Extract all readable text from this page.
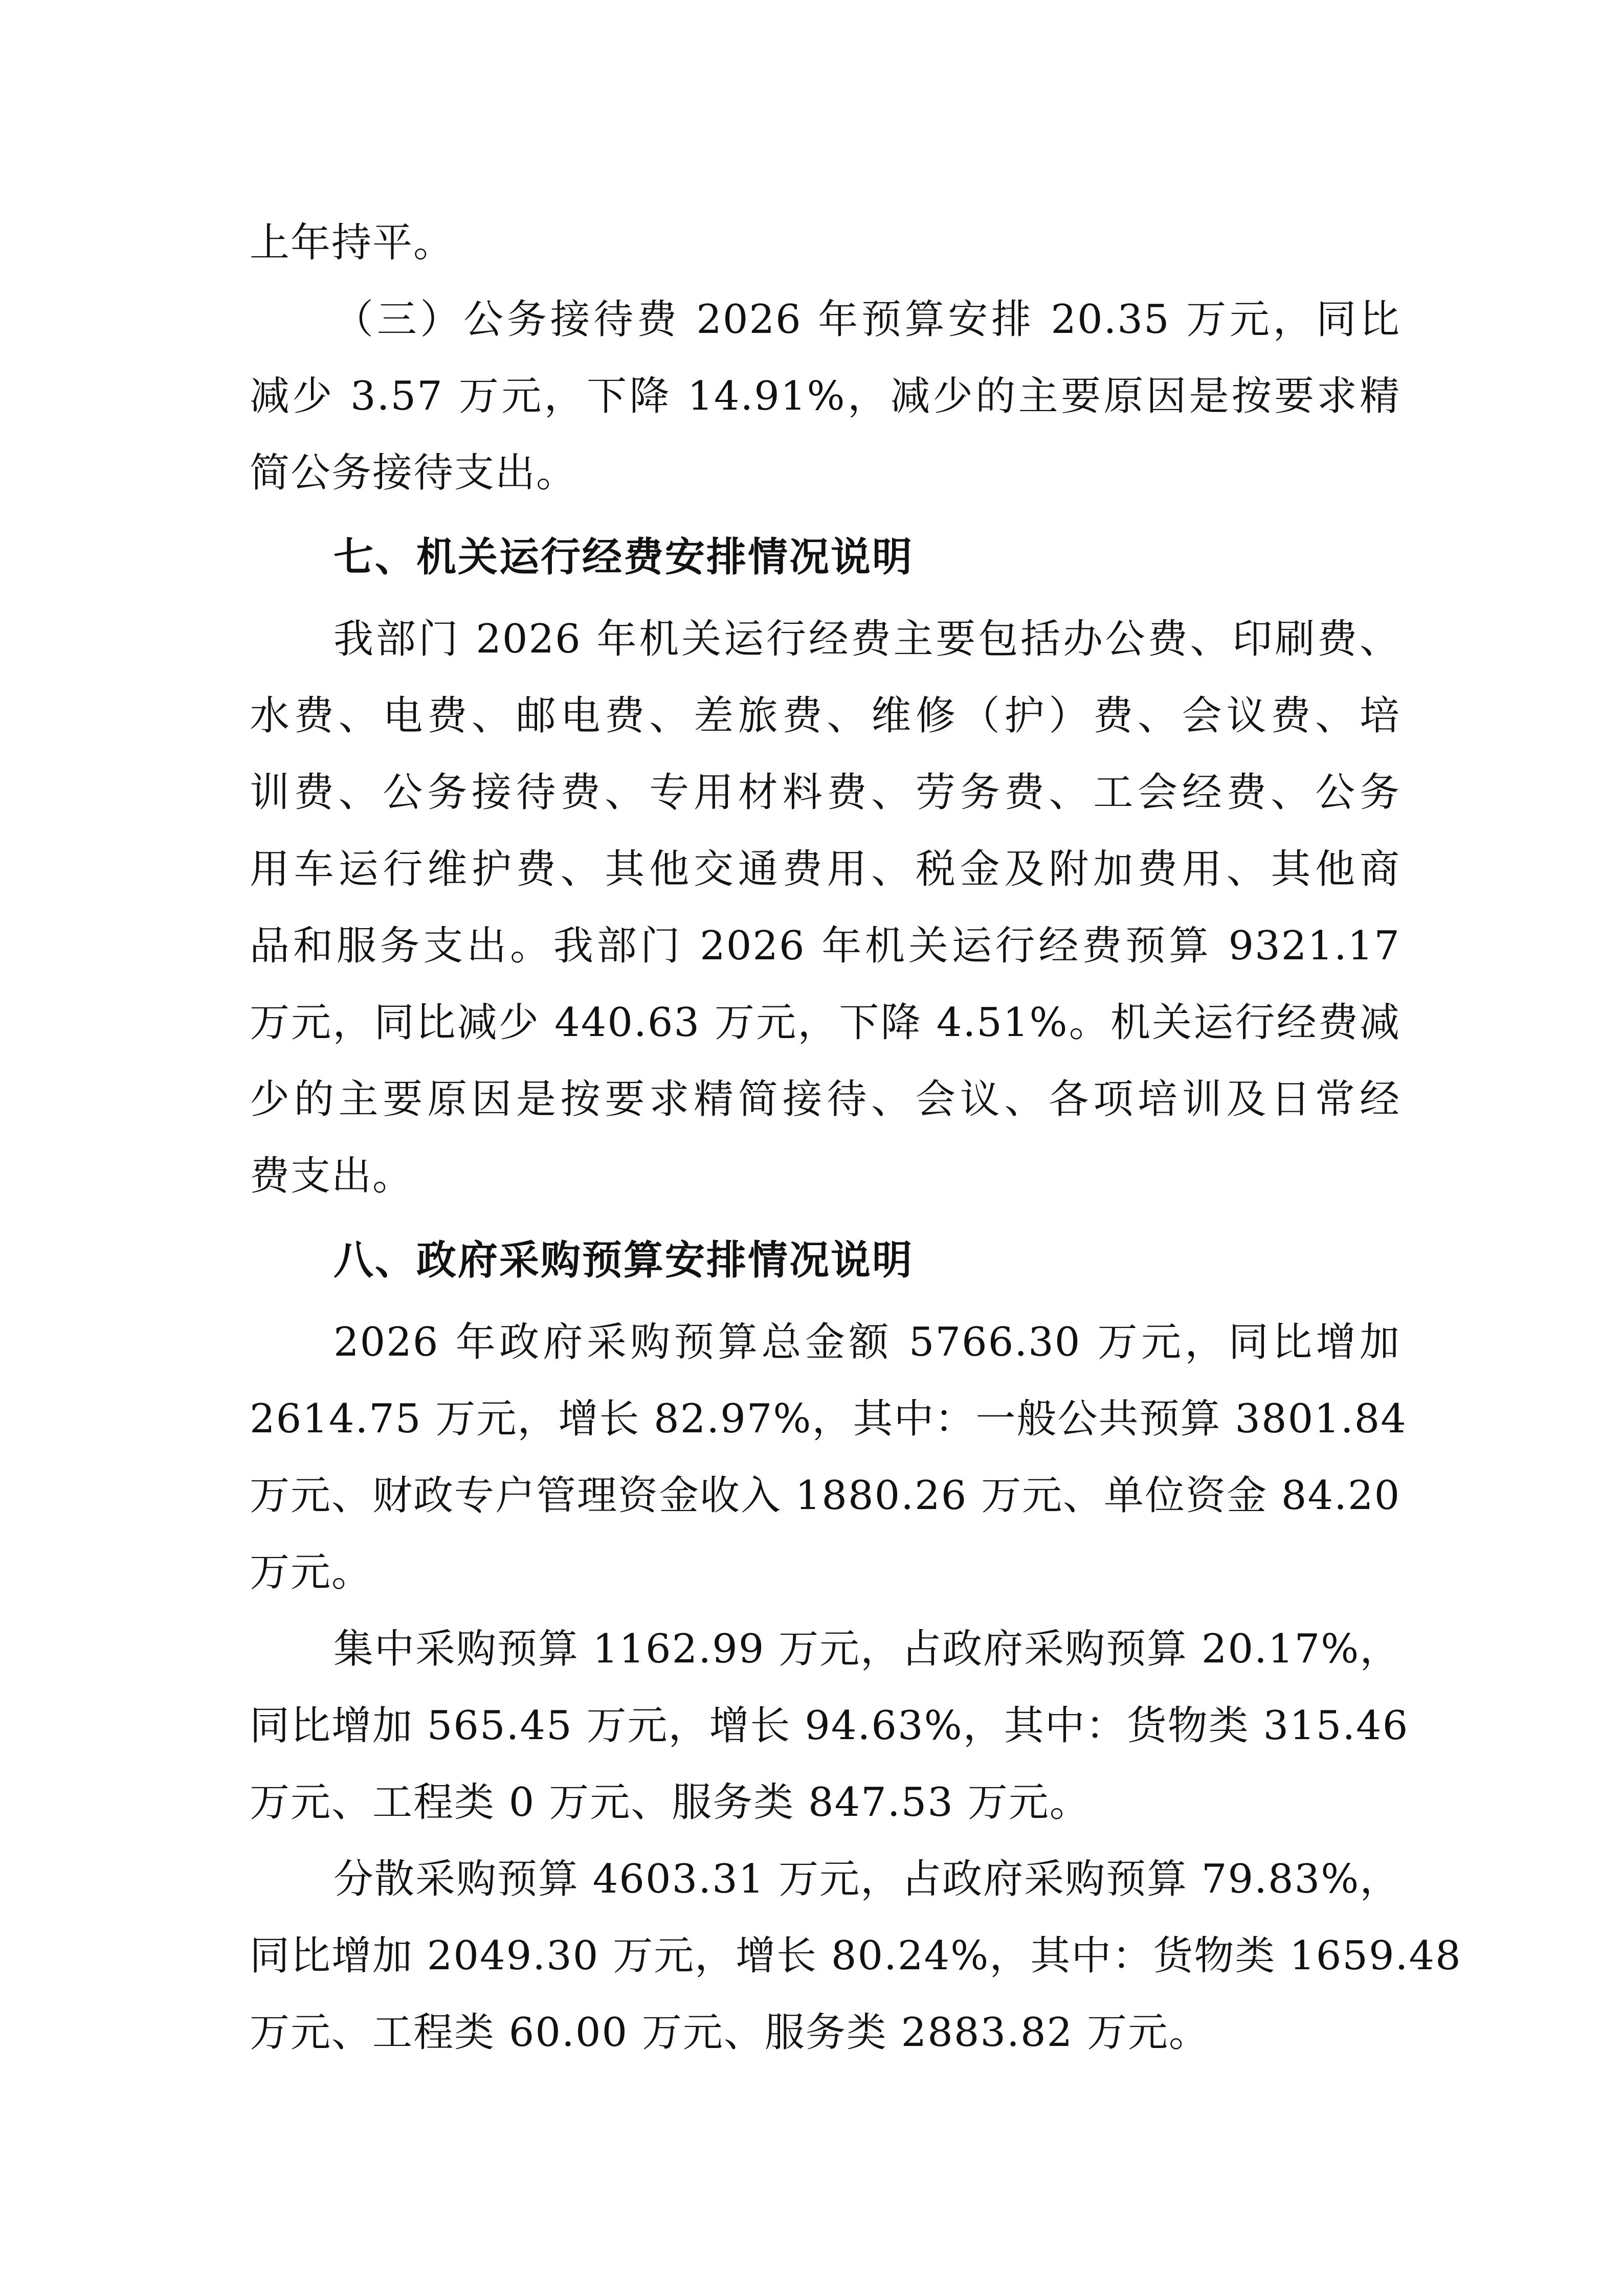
上年持平。
（三）公务接待费 2026 年预算安排 20.35 万元，同比
减少 3.57 万元，下降 14.91%，减少的主要原因是按要求精
简公务接待支出。
七、机关运行经费安排情况说明
我部门 2026 年机关运行经费主要包括办公费、印刷费、
水费、电费、邮电费、差旅费、维修（护）费、会议费、培
训费、公务接待费、专用材料费、劳务费、工会经费、公务
用车运行维护费、其他交通费用、税金及附加费用、其他商
品和服务支出。我部门 2026 年机关运行经费预算 9321.17
万元，同比减少 440.63 万元，下降 4.51%。机关运行经费减
少的主要原因是按要求精简接待、会议、各项培训及日常经
费支出。
八、政府采购预算安排情况说明
2026 年政府采购预算总金额 5766.30 万元，同比增加
2614.75 万元，增长 82.97%，其中：一般公共预算 3801.84
万元、财政专户管理资金收入 1880.26 万元、单位资金 84.20
万元。
集中采购预算 1162.99 万元，占政府采购预算 20.17%，
同比增加 565.45 万元，增长 94.63%，其中：货物类 315.46
万元、工程类 0 万元、服务类 847.53 万元。
分散采购预算 4603.31 万元，占政府采购预算 79.83%，
同比增加 2049.30 万元，增长 80.24%，其中：货物类 1659.48
万元、工程类 60.00 万元、服务类 2883.82 万元。
